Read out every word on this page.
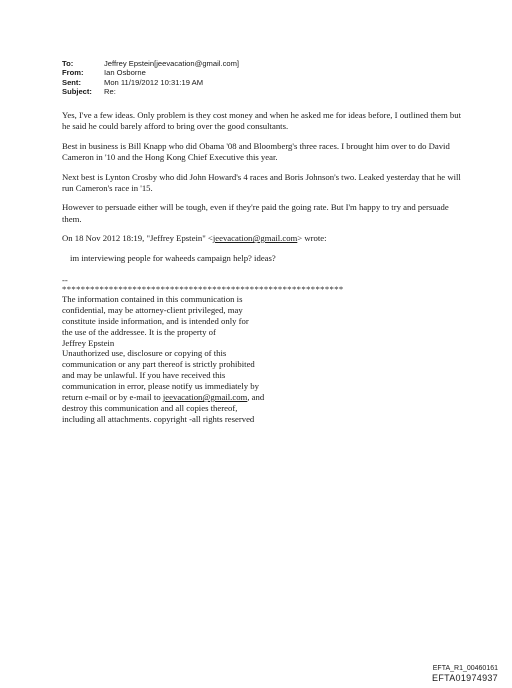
To:	Jeffrey Epstein[jeevacation@gmail.com]
From:	Ian Osborne
Sent:	Mon 11/19/2012 10:31:19 AM
Subject:	Re:

Yes, I've a few ideas. Only problem is they cost money and when he asked me for ideas before, I outlined them but he said he could barely afford to bring over the good consultants.

Best in business is Bill Knapp who did Obama '08 and Bloomberg's three races. I brought him over to do David Cameron in '10 and the Hong Kong Chief Executive this year.

Next best is Lynton Crosby who did John Howard's 4 races and Boris Johnson's two. Leaked yesterday that he will run Cameron's race in '15.

However to persuade either will be tough, even if they're paid the going rate. But I'm happy to try and persuade them.

On 18 Nov 2012 18:19, "Jeffrey Epstein" <jeevacation@gmail.com> wrote:

im interviewing people for waheeds campaign help? ideas?

--

************************************************************

The information contained in this communication is
confidential, may be attorney-client privileged, may
constitute inside information, and is intended only for
the use of the addressee. It is the property of
Jeffrey Epstein
Unauthorized use, disclosure or copying of this
communication or any part thereof is strictly prohibited
and may be unlawful. If you have received this
communication in error, please notify us immediately by
return e-mail or by e-mail to jeevacation@gmail.com, and
destroy this communication and all copies thereof,
including all attachments. copyright -all rights reserved

EFTA_R1_00460161
EFTA01974937
